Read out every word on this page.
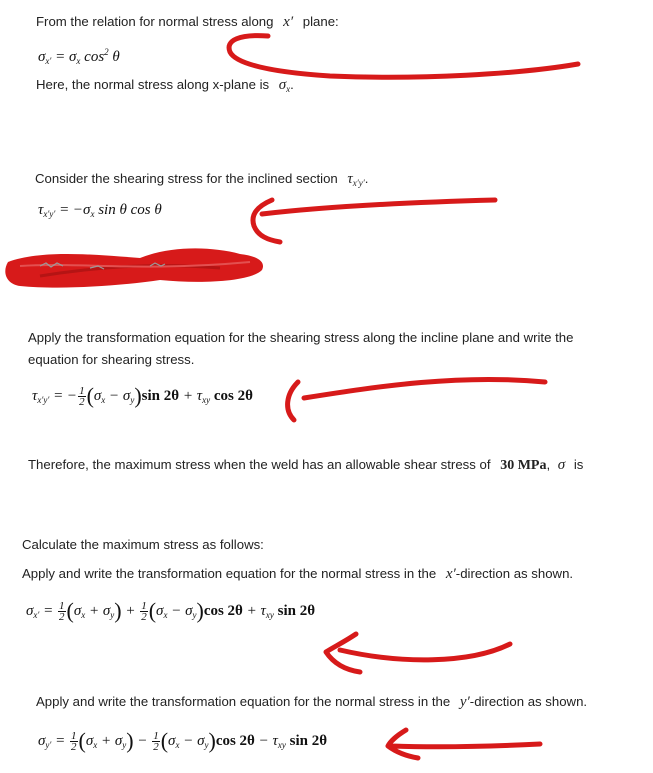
From the relation for normal stress along x′ plane:
$\sigma_{x'} = \sigma_x$ $\cos^2 \theta$
Here, the normal stress along x-plane is $\sigma_x$.
Consider the shearing stress for the inclined section $\tau_{x'y'}$.
$\tau_{x'y'} = -\sigma_x$ sin θ cos θ
Apply the transformation equation for the shearing stress along the incline plane and write the
equation for shearing stress.
$\tau_{x'y'}$ = − $\frac{1}{2} (\sigma_x - \sigma_y)\sin$ $2\theta + \tau_{xy}$ cos 2θ
Therefore, the maximum stress when the weld has an allowable shear stress of 30 MPa, σ is
Calculate the maximum stress as follows:
Apply and write the transformation equation for the normal stress in the x′-direction as shown.
$\sigma_{x'} = \frac{1}{2} (\sigma_x + \sigma_y) + \frac{1}{2} (\sigma_x - \sigma_y)\cos$ $2\theta + \tau_{xy}$ sin 2θ
Apply and write the transformation equation for the normal stress in the y′-direction as shown.
$\sigma_{y'} = \frac{1}{2} (\sigma_x + \sigma_y) - \frac{1}{2} (\sigma_x - \sigma_y)\cos$ $2\theta - \tau_{xy}$ sin 2θ
